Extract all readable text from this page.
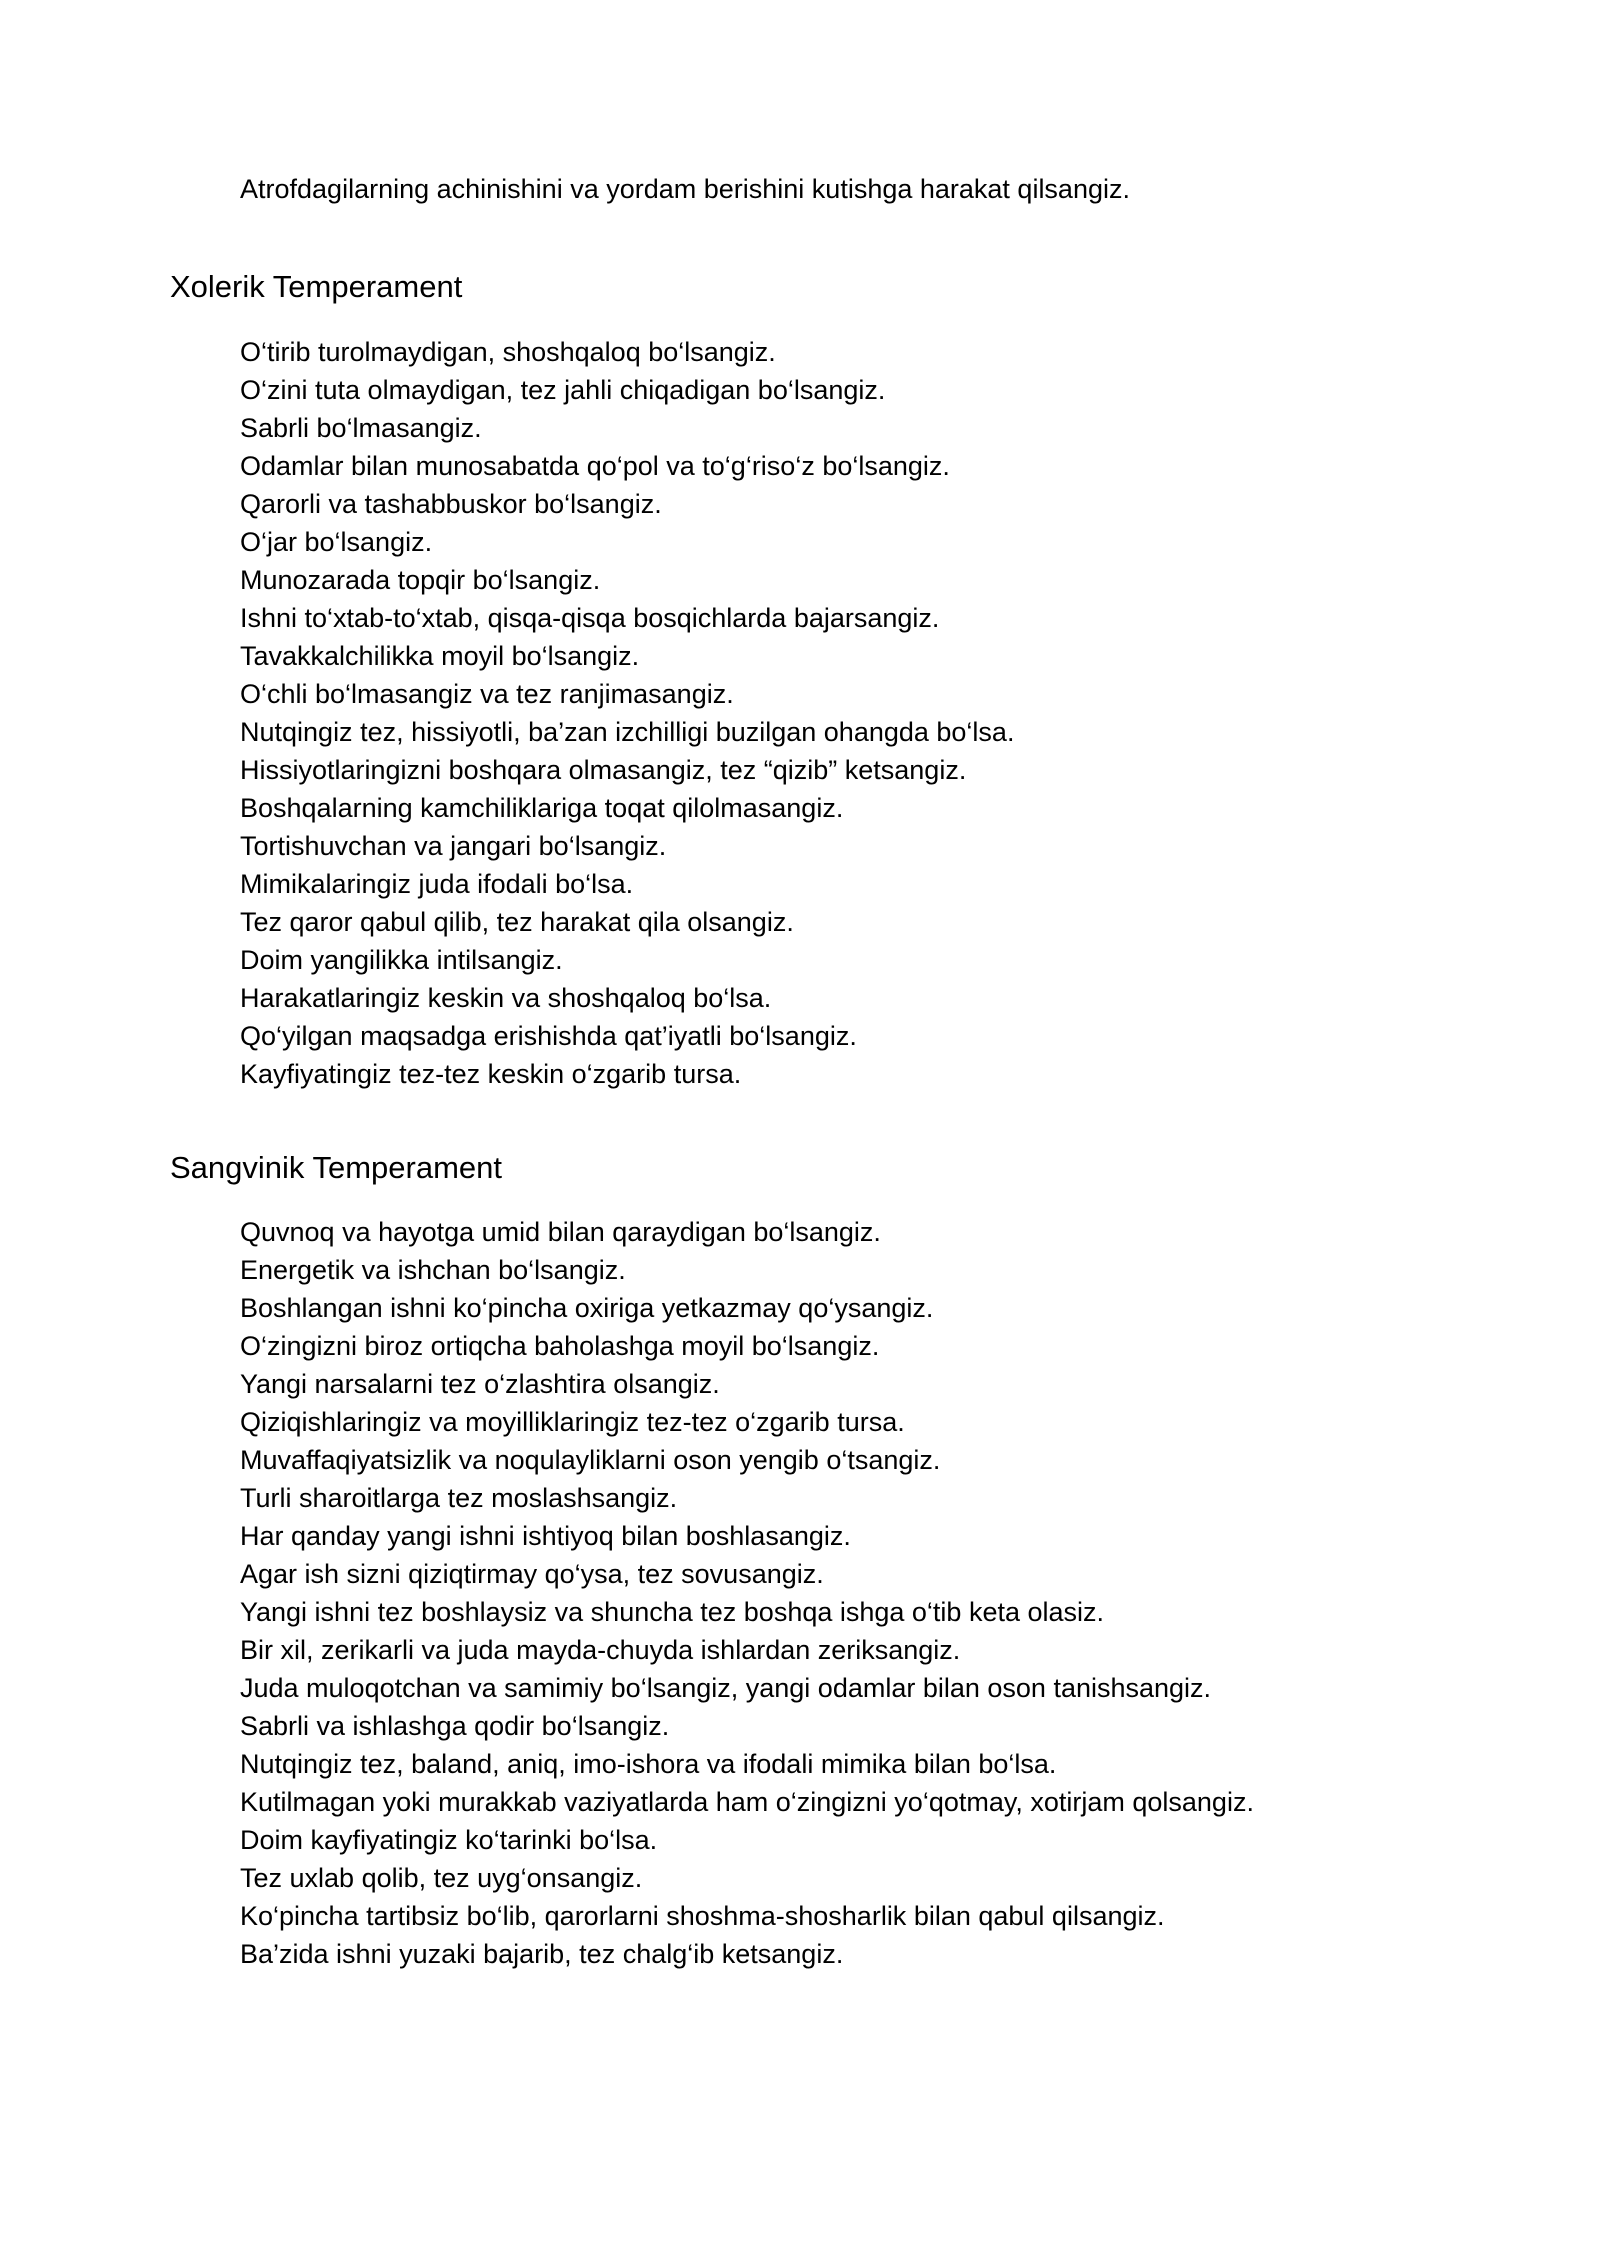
Atrofdagilarning achinishini va yordam berishini kutishga harakat qilsangiz.

Xolerik Temperament
O‘tirib turolmaydigan, shoshqaloq bo‘lsangiz.
O‘zini tuta olmaydigan, tez jahli chiqadigan bo‘lsangiz.
Sabrli bo‘lmasangiz.
Odamlar bilan munosabatda qo‘pol va to‘g‘riso‘z bo‘lsangiz.
Qarorli va tashabbuskor bo‘lsangiz.
O‘jar bo‘lsangiz.
Munozarada topqir bo‘lsangiz.
Ishni to‘xtab-to‘xtab, qisqa-qisqa bosqichlarda bajarsangiz.
Tavakkalchilikka moyil bo‘lsangiz.
O‘chli bo‘lmasangiz va tez ranjimasangiz.
Nutqingiz tez, hissiyotli, ba’zan izchilligi buzilgan ohangda bo‘lsa.
Hissiyotlaringizni boshqara olmasangiz, tez “qizib” ketsangiz.
Boshqalarning kamchiliklariga toqat qilolmasangiz.
Tortishuvchan va jangari bo‘lsangiz.
Mimikalaringiz juda ifodali bo‘lsa.
Tez qaror qabul qilib, tez harakat qila olsangiz.
Doim yangilikka intilsangiz.
Harakatlaringiz keskin va shoshqaloq bo‘lsa.
Qo‘yilgan maqsadga erishishda qat’iyatli bo‘lsangiz.
Kayfiyatingiz tez-tez keskin o‘zgarib tursa.
Sangvinik Temperament
Quvnoq va hayotga umid bilan qaraydigan bo‘lsangiz.
Energetik va ishchan bo‘lsangiz.
Boshlangan ishni ko‘pincha oxiriga yetkazmay qo‘ysangiz.
O‘zingizni biroz ortiqcha baholashga moyil bo‘lsangiz.
Yangi narsalarni tez o‘zlashtira olsangiz.
Qiziqishlaringiz va moyilliklaringiz tez-tez o‘zgarib tursa.
Muvaffaqiyatsizlik va noqulayliklarni oson yengib o‘tsangiz.
Turli sharoitlarga tez moslashsangiz.
Har qanday yangi ishni ishtiyoq bilan boshlasangiz.
Agar ish sizni qiziqtirmay qo‘ysa, tez sovusangiz.
Yangi ishni tez boshlaysiz va shuncha tez boshqa ishga o‘tib keta olasiz.
Bir xil, zerikarli va juda mayda-chuyda ishlardan zeriksangiz.
Juda muloqotchan va samimiy bo‘lsangiz, yangi odamlar bilan oson tanishsangiz.
Sabrli va ishlashga qodir bo‘lsangiz.
Nutqingiz tez, baland, aniq, imo-ishora va ifodali mimika bilan bo‘lsa.
Kutilmagan yoki murakkab vaziyatlarda ham o‘zingizni yo‘qotmay, xotirjam qolsangiz.
Doim kayfiyatingiz ko‘tarinki bo‘lsa.
Tez uxlab qolib, tez uyg‘onsangiz.
Ko‘pincha tartibsiz bo‘lib, qarorlarni shoshma-shosharlik bilan qabul qilsangiz.
Ba’zida ishni yuzaki bajarib, tez chalg‘ib ketsangiz.
